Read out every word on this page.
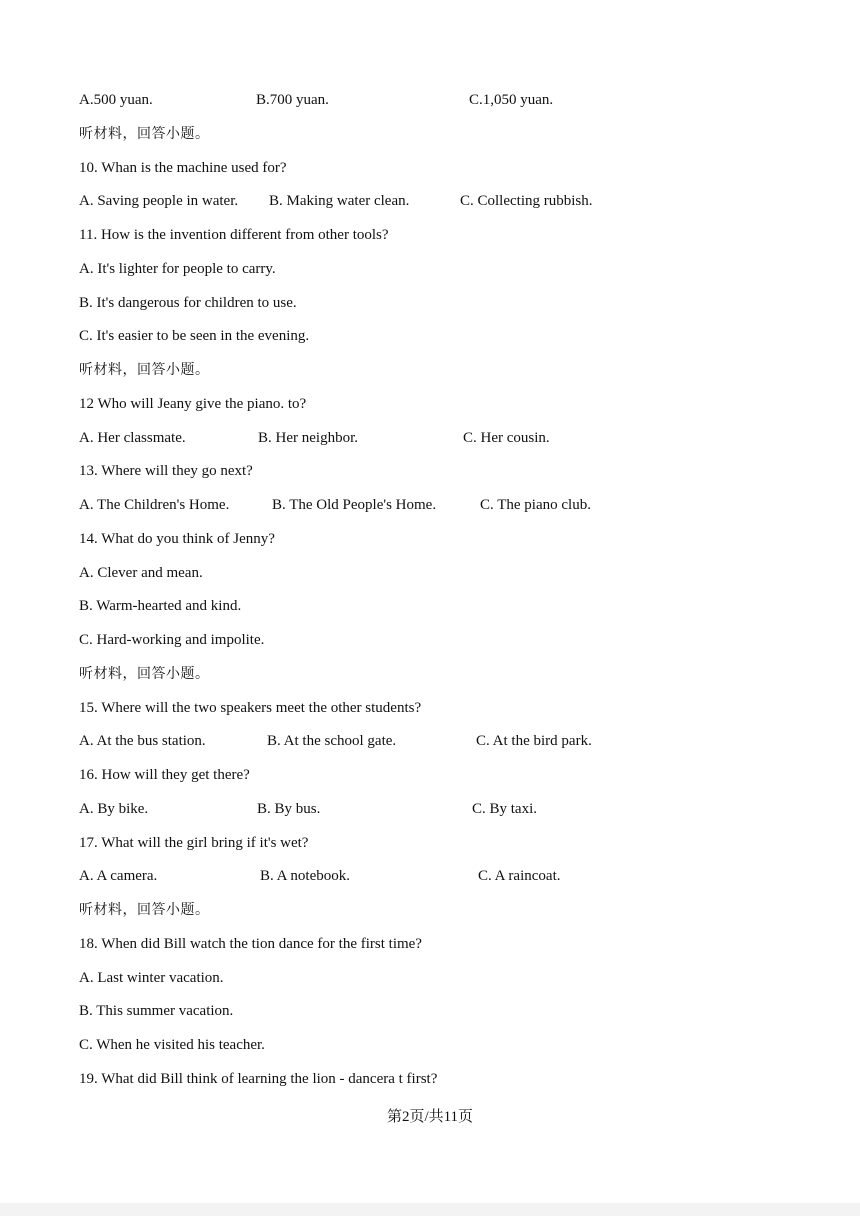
A.500 yuan.	B.700 yuan.	C.1,050 yuan.
听材料，回答小题。
10. Whan is the machine used for?
A. Saving people in water. B. Making water clean.	C. Collecting rubbish.
11. How is the invention different from other tools?
A. It's lighter for people to carry.
B. It's dangerous for children to use.
C. It's easier to be seen in the evening.
听材料，回答小题。
12 Who will Jeany give the piano. to?
A. Her classmate.	B. Her neighbor.	C. Her cousin.
13. Where will they go next?
A. The Children's Home.	B. The Old People's Home.	C. The piano club.
14. What do you think of Jenny?
A. Clever and mean.
B. Warm-hearted and kind.
C. Hard-working and impolite.
听材料，回答小题。
15. Where will the two speakers meet the other students?
A. At the bus station.	B. At the school gate.	C. At the bird park.
16. How will they get there?
A. By bike.	B. By bus.	C. By taxi.
17. What will the girl bring if it's wet?
A. A camera.	B. A notebook.	C. A raincoat.
听材料，回答小题。
18. When did Bill watch the tion dance for the first time?
A. Last winter vacation.
B. This summer vacation.
C. When he visited his teacher.
19. What did Bill think of learning the lion - dancera t first?
第2页/共11页
